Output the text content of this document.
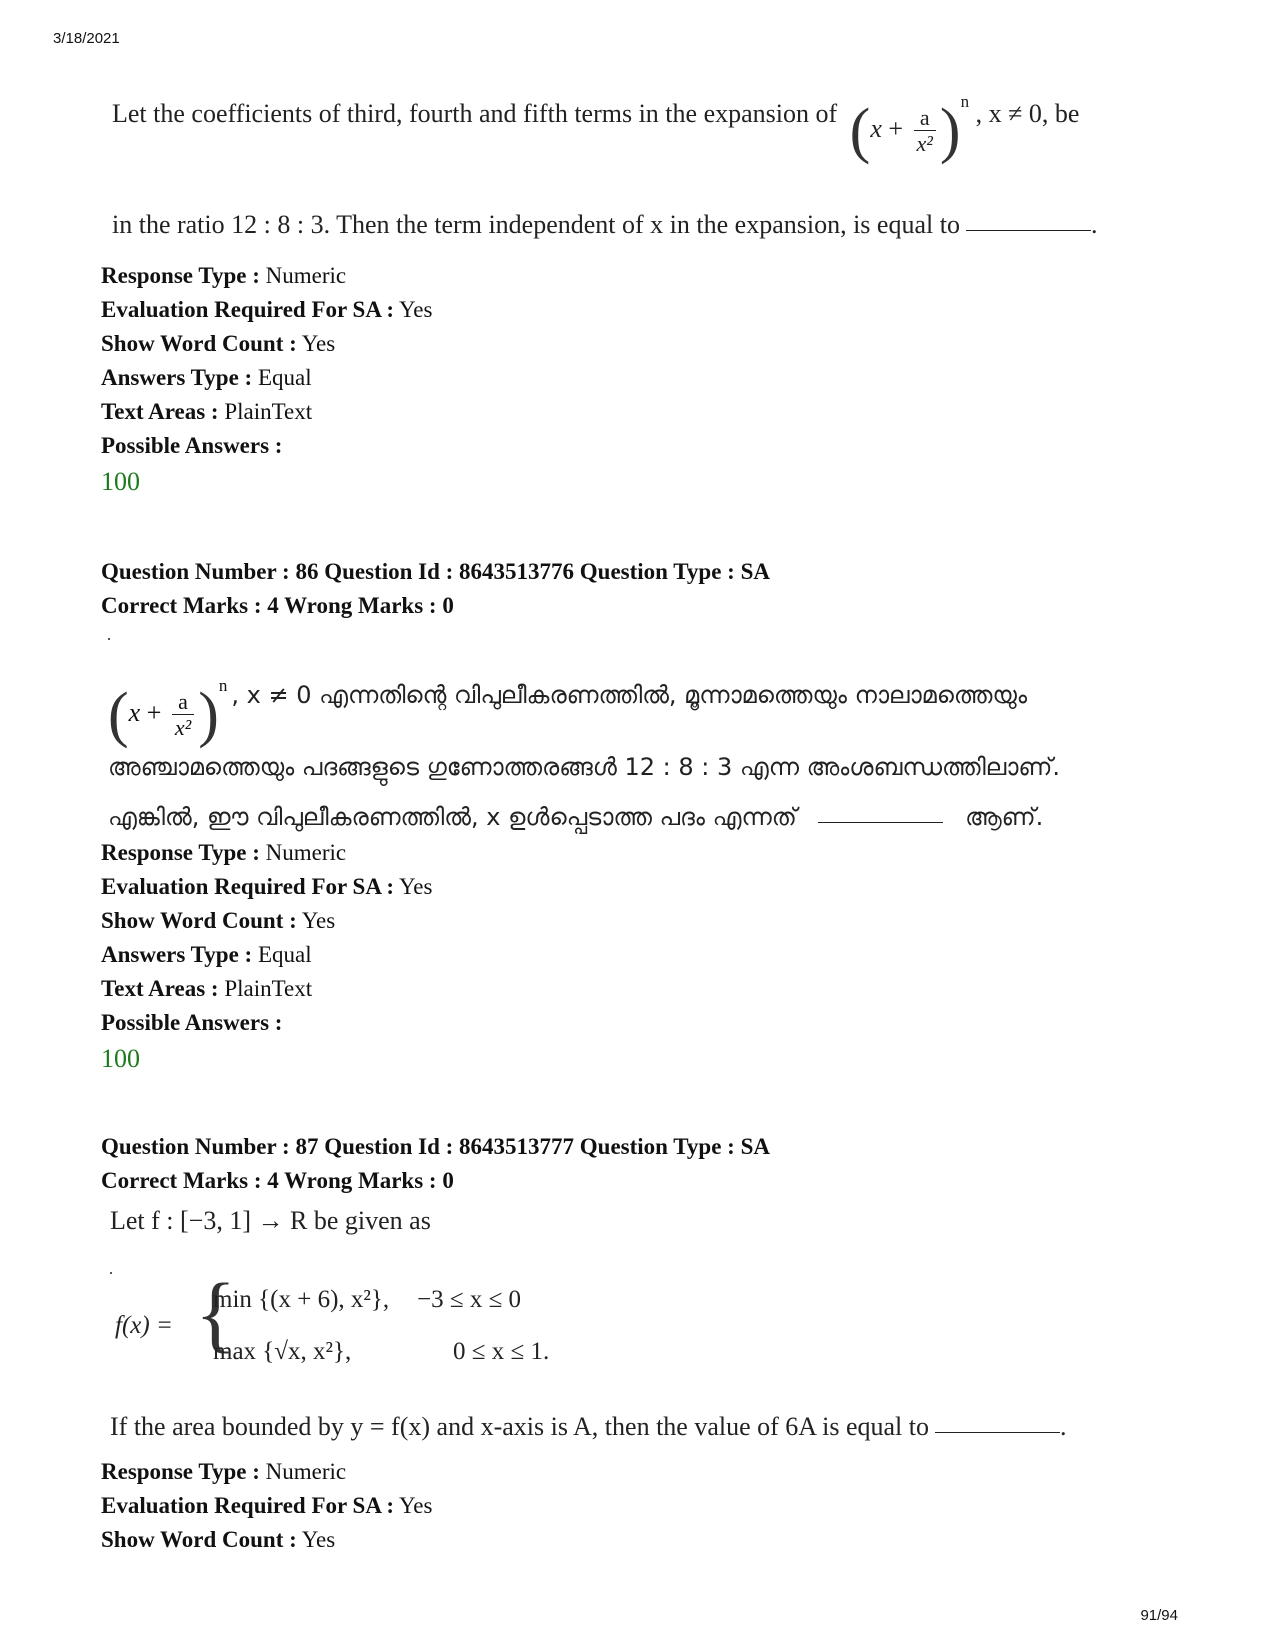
3/18/2021
Let the coefficients of third, fourth and fifth terms in the expansion of $(x + \frac{a}{\text{x²}} )^n$ , x ≠ 0, be
in the ratio 12 : 8 : 3. Then the term independent of x in the expansion, is equal to	.
Response Type : Numeric
Evaluation Required For SA : Yes
Show Word Count : Yes
Answers Type : Equal
Text Areas : PlainText
Possible Answers :
100
Question Number : 86 Question Id : 8643513776 Question Type : SA
Correct Marks : 4 Wrong Marks : 0
$(x + \frac{a}{\text{x²}} )^n$ , x ≠ 0 എന്നതിന്റെ വിപുലീകരണത്തിൽ, മൂന്നാമത്തെയും നാലാമത്തെയും
അഞ്ചാമത്തെയും പദങ്ങളുടെ ഗുണോത്തരങ്ങൾ 12 : 8 : 3 എന്ന അംശബന്ധത്തിലാണ്.
എങ്കിൽ, ഈ വിപുലീകരണത്തിൽ, x ഉൾപ്പെടാത്ത പദം എന്നത്	ആണ്.
Response Type : Numeric
Evaluation Required For SA : Yes
Show Word Count : Yes
Answers Type : Equal
Text Areas : PlainText
Possible Answers :
100
Question Number : 87 Question Id : 8643513777 Question Type : SA
Correct Marks : 4 Wrong Marks : 0
Let f : [−3, 1] → R be given as
f(x) = {
min {(x + 6), x²}, −3 ≤ x ≤ 0
max {√x, x²},	0 ≤ x ≤ 1.
If the area bounded by y = f(x) and x-axis is A, then the value of 6A is equal to	.
Response Type : Numeric
Evaluation Required For SA : Yes
Show Word Count : Yes
91/94
